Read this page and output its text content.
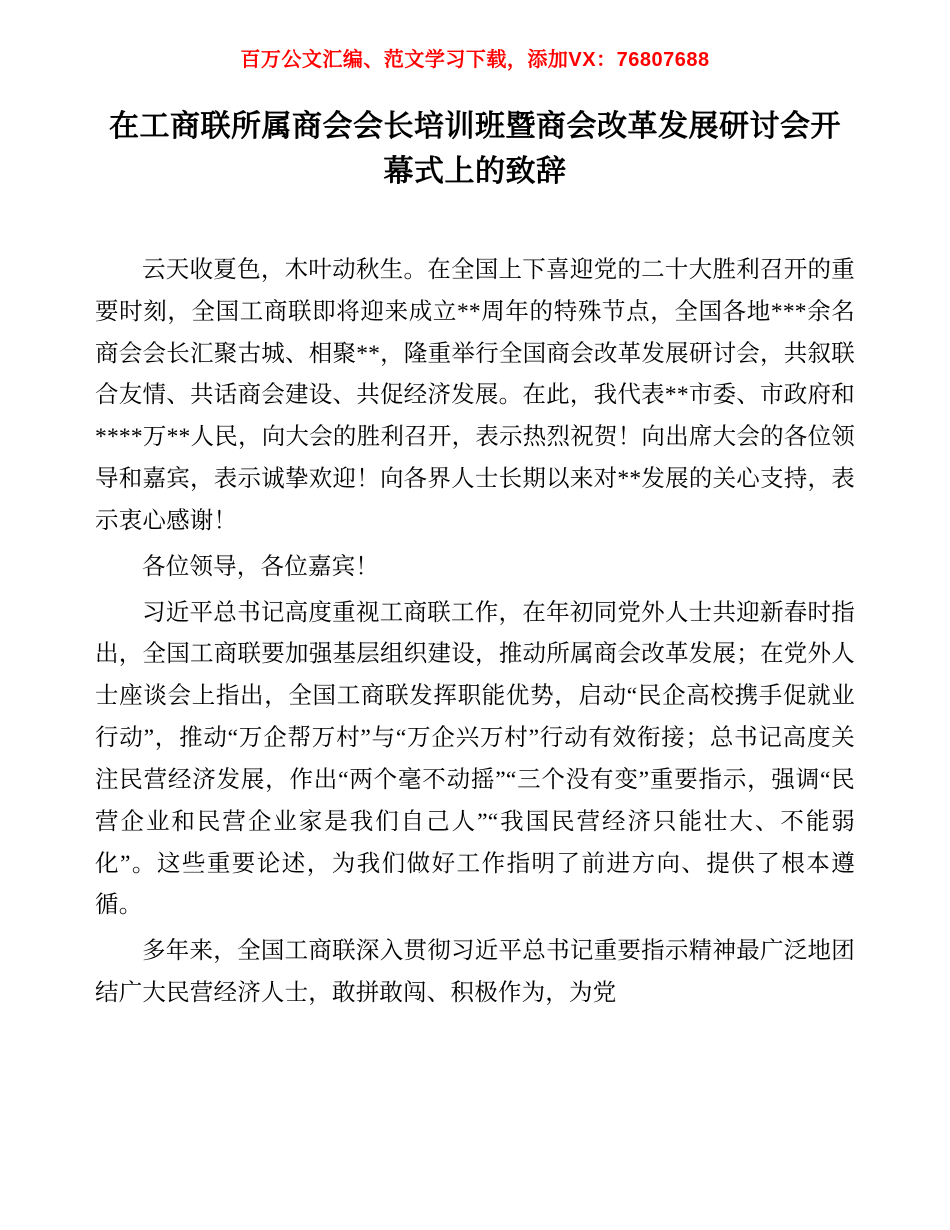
百万公文汇编、范文学习下载，添加VX：76807688
在工商联所属商会会长培训班暨商会改革发展研讨会开幕式上的致辞

云天收夏色，木叶动秋生。在全国上下喜迎党的二十大胜利召开的重要时刻，全国工商联即将迎来成立**周年的特殊节点，全国各地***余名商会会长汇聚古城、相聚**，隆重举行全国商会改革发展研讨会，共叙联合友情、共话商会建设、共促经济发展。在此，我代表**市委、市政府和****万**人民，向大会的胜利召开，表示热烈祝贺！向出席大会的各位领导和嘉宾，表示诚挚欢迎！向各界人士长期以来对**发展的关心支持，表示衷心感谢！

各位领导，各位嘉宾！

习近平总书记高度重视工商联工作，在年初同党外人士共迎新春时指出，全国工商联要加强基层组织建设，推动所属商会改革发展；在党外人士座谈会上指出，全国工商联发挥职能优势，启动“民企高校携手促就业行动”，推动“万企帮万村”与“万企兴万村”行动有效衔接；总书记高度关注民营经济发展，作出“两个毫不动摇”“三个没有变”重要指示，强调“民营企业和民营企业家是我们自己人”“我国民营经济只能壮大、不能弱化”。这些重要论述，为我们做好工作指明了前进方向、提供了根本遵循。

多年来，全国工商联深入贯彻习近平总书记重要指示精神最广泛地团结广大民营经济人士，敢拼敢闯、积极作为，为党
